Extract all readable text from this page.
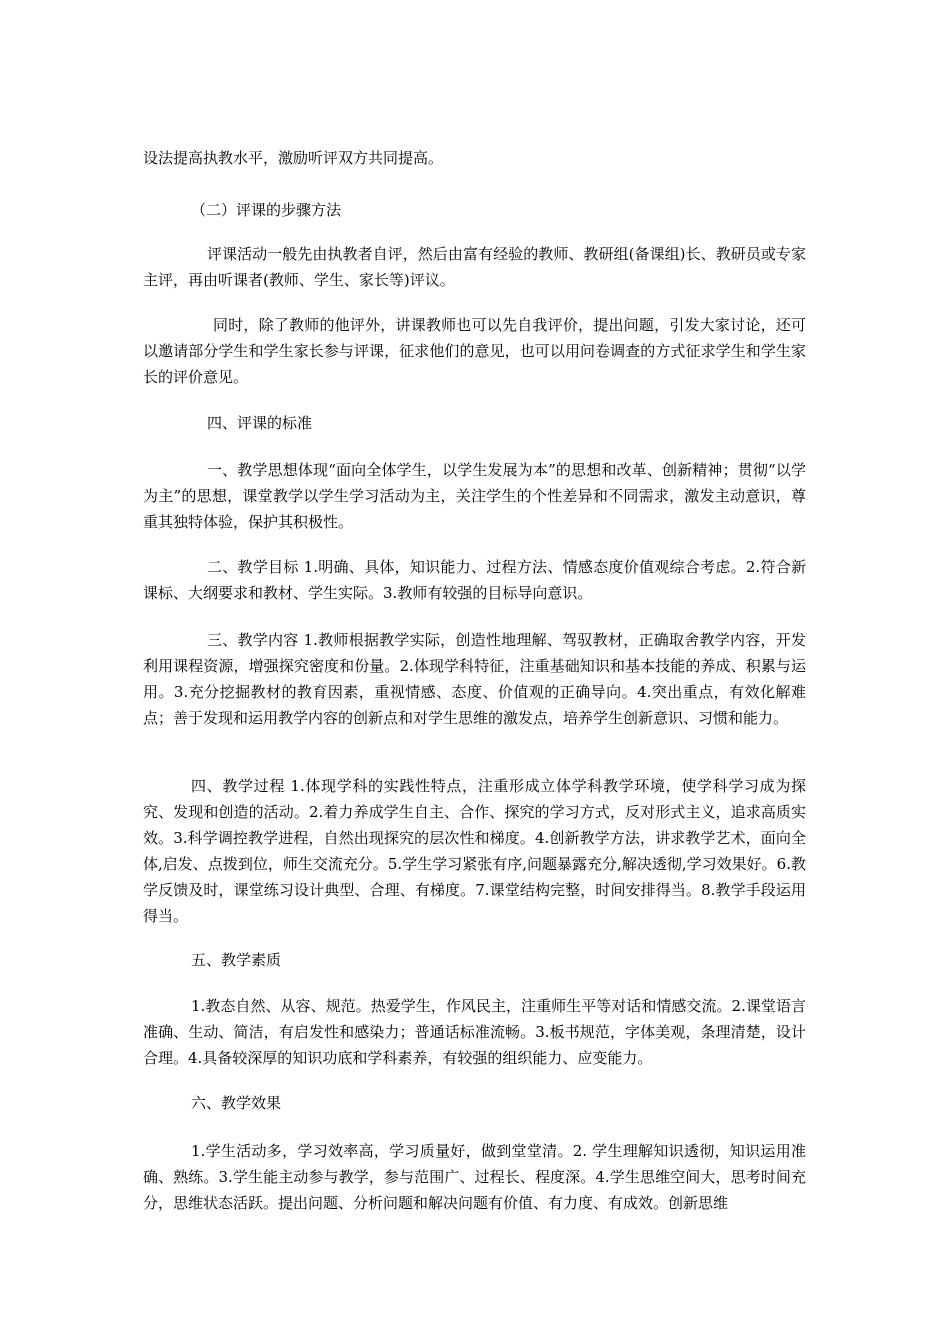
设法提高执教水平，激励听评双方共同提高。

（二）评课的步骤方法

评课活动一般先由执教者自评，然后由富有经验的教师、教研组(备课组)长、教研员或专家主评，再由听课者(教师、学生、家长等)评议。

同时，除了教师的他评外，讲课教师也可以先自我评价，提出问题，引发大家讨论，还可以邀请部分学生和学生家长参与评课，征求他们的意见，也可以用问卷调查的方式征求学生和学生家长的评价意见。

四、评课的标准

一、教学思想体现“面向全体学生，以学生发展为本”的思想和改革、创新精神；贯彻“以学为主”的思想，课堂教学以学生学习活动为主，关注学生的个性差异和不同需求，激发主动意识，尊重其独特体验，保护其积极性。

二、教学目标 1.明确、具体，知识能力、过程方法、情感态度价值观综合考虑。2.符合新课标、大纲要求和教材、学生实际。3.教师有较强的目标导向意识。

三、教学内容 1.教师根据教学实际，创造性地理解、驾驭教材，正确取舍教学内容，开发利用课程资源，增强探究密度和份量。2.体现学科特征，注重基础知识和基本技能的养成、积累与运用。3.充分挖掘教材的教育因素，重视情感、态度、价值观的正确导向。4.突出重点，有效化解难点；善于发现和运用教学内容的创新点和对学生思维的激发点，培养学生创新意识、习惯和能力。

四、教学过程 1.体现学科的实践性特点，注重形成立体学科教学环境，使学科学习成为探究、发现和创造的活动。2.着力养成学生自主、合作、探究的学习方式，反对形式主义，追求高质实效。3.科学调控教学进程，自然出现探究的层次性和梯度。4.创新教学方法，讲求教学艺术，面向全体,启发、点拨到位，师生交流充分。5.学生学习紧张有序,问题暴露充分,解决透彻,学习效果好。6.教学反馈及时，课堂练习设计典型、合理、有梯度。7.课堂结构完整，时间安排得当。8.教学手段运用得当。

五、教学素质

1.教态自然、从容、规范。热爱学生，作风民主，注重师生平等对话和情感交流。2.课堂语言准确、生动、简洁，有启发性和感染力；普通话标准流畅。3.板书规范，字体美观，条理清楚，设计合理。4.具备较深厚的知识功底和学科素养，有较强的组织能力、应变能力。

六、教学效果

1.学生活动多，学习效率高，学习质量好，做到堂堂清。2. 学生理解知识透彻，知识运用准确、熟练。3.学生能主动参与教学，参与范围广、过程长、程度深。4.学生思维空间大，思考时间充分，思维状态活跃。提出问题、分析问题和解决问题有价值、有力度、有成效。创新思维
